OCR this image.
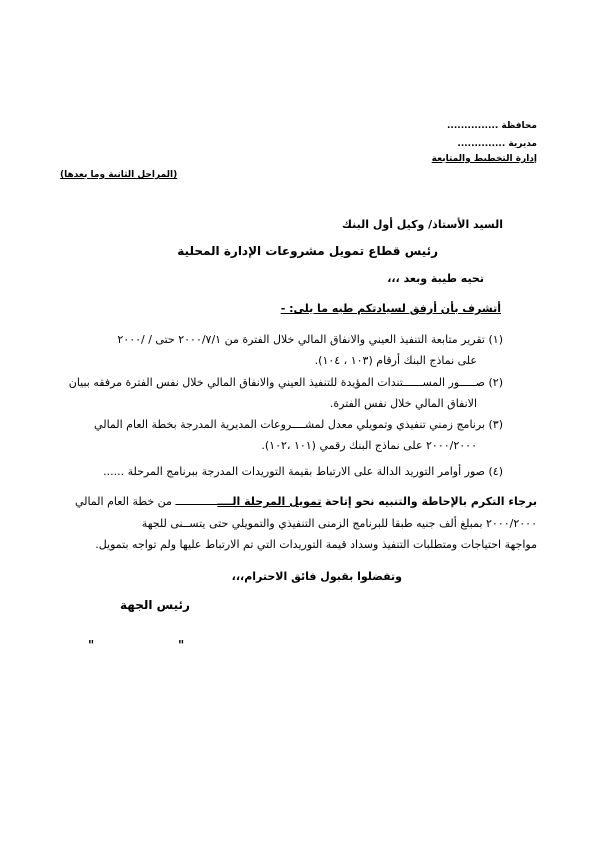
محافظة ...............
مديرية ..............
إدارة التخطيط والمتابعة
(المراحل الثانية وما بعدها)
السيد الأستاذ/ وكيل أول البنك
رئيس قطاع تمويل مشروعات الإدارة المحلية
تحيه طيبة وبعد ،،،
أتشرف بأن أرفق لسيادتكم طيه ما يلى: -
(١) تقرير متابعة التنفيذ العيني والانفاق المالي خلال الفترة من ٢٠٠٠/٧/١ حتى / /٢٠٠٠
على نماذج البنك أرقام (١٠٣ ، ١٠٤).
(٢) صـــــور المســــــتندات المؤيدة للتنفيذ العيني والانفاق المالي خلال نفس الفترة مرفقه ببيان
الانفاق المالي خلال نفس الفترة.
(٣) برنامج زمني تنفيذي وتمويلي معدل لمشــــروعات المديرية المدرجة بخطة العام المالي
٢٠٠٠/٢٠٠٠ على نماذج البنك رقمي (١٠١ ،١٠٢).
(٤) صور أوامر التوريد الدالة على الارتباط بقيمة التوريدات المدرجة ببرنامج المرحلة ......
برجاء التكرم بالإحاطة والتنبيه نحو إتاحة تمويل المرحلة الـــــــــــــــــ من خطة العام المالي
٢٠٠٠/٢٠٠٠ بمبلغ ألف جنيه طبقا للبرنامج الزمنى التنفيذي والتمويلي حتى يتســنى للجهة
مواجهة احتياجات ومتطلبات التنفيذ وسداد قيمة التوريدات التي تم الارتباط عليها ولم تواجه بتمويل.
وتفضلوا بقبول فائق الاحترام،،،
رئيس الجهة
"	"
